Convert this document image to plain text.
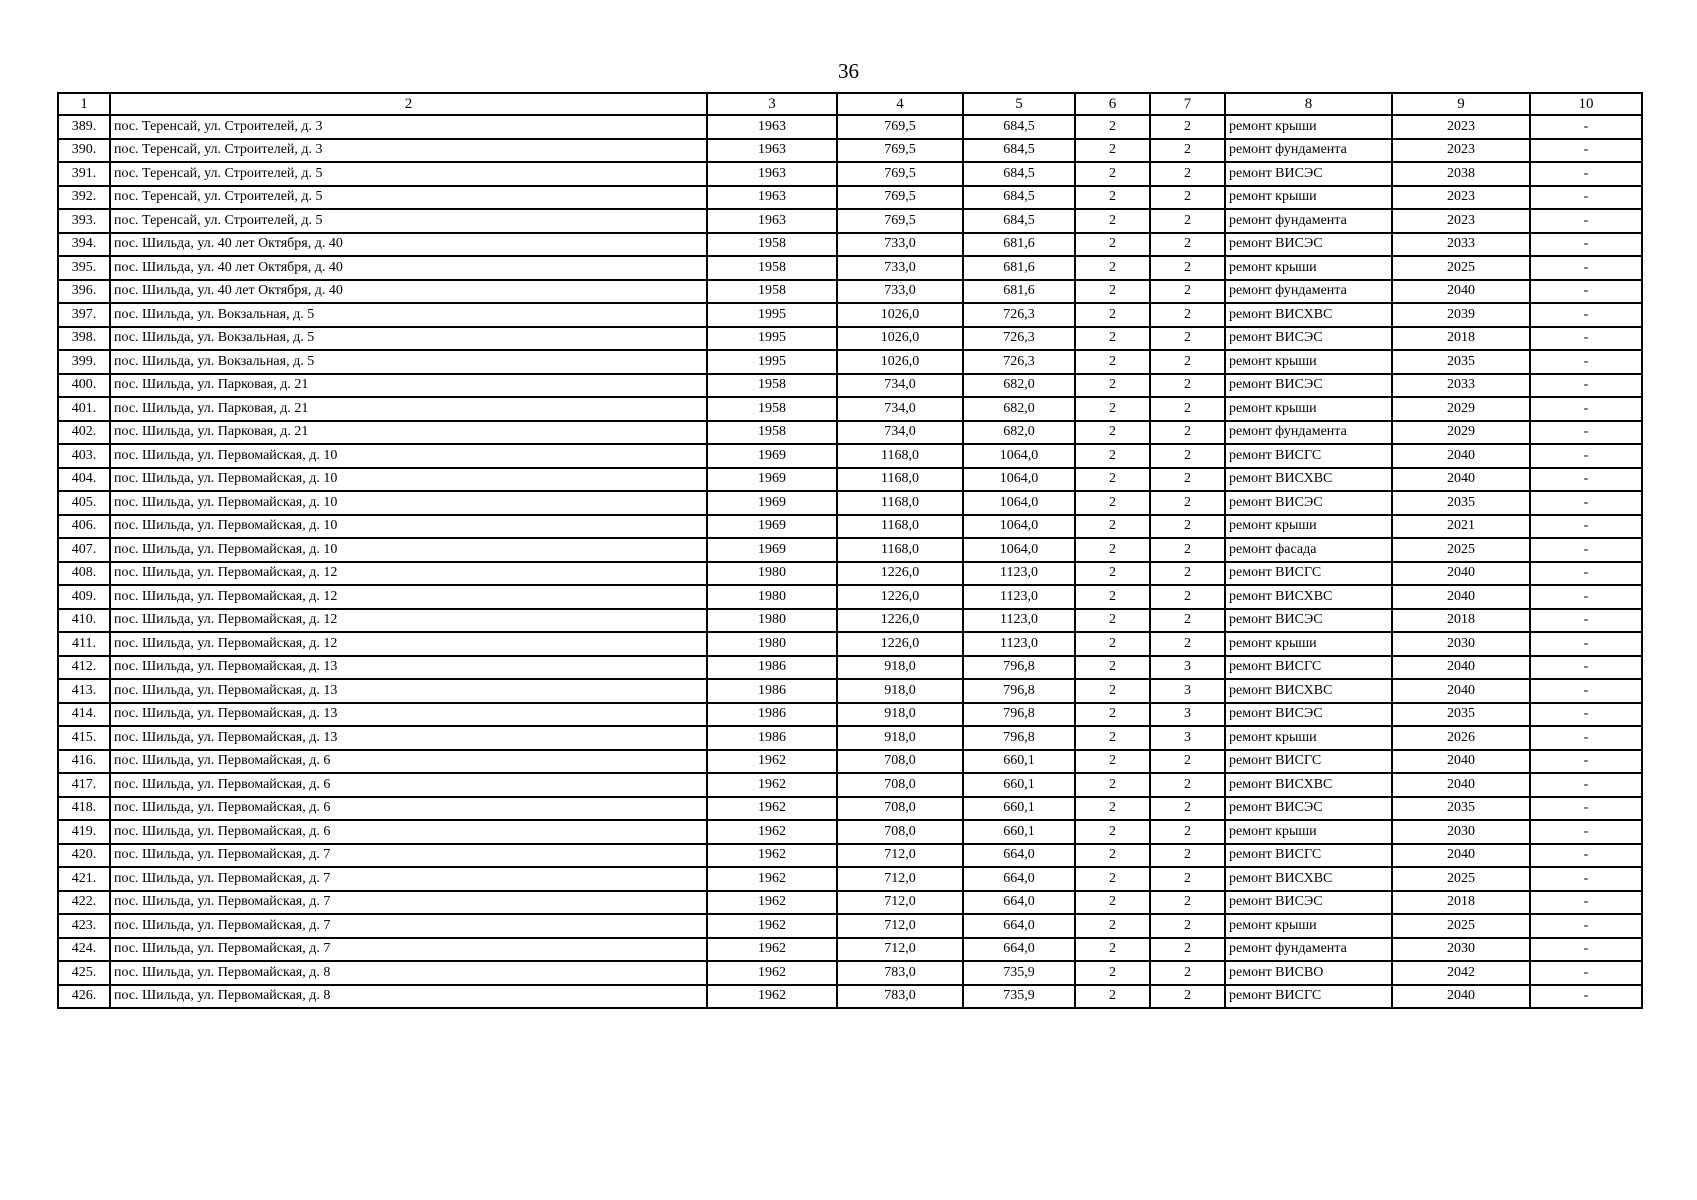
36
1	2	3	4	5	6	7	8	9	10
389.	пос. Теренсай, ул. Строителей, д. 3	1963	769,5	684,5	2	2	ремонт крыши	2023	-
390.	пос. Теренсай, ул. Строителей, д. 3	1963	769,5	684,5	2	2	ремонт фундамента	2023	-
391.	пос. Теренсай, ул. Строителей, д. 5	1963	769,5	684,5	2	2	ремонт ВИСЭС	2038	-
392.	пос. Теренсай, ул. Строителей, д. 5	1963	769,5	684,5	2	2	ремонт крыши	2023	-
393.	пос. Теренсай, ул. Строителей, д. 5	1963	769,5	684,5	2	2	ремонт фундамента	2023	-
394.	пос. Шильда, ул. 40 лет Октября, д. 40	1958	733,0	681,6	2	2	ремонт ВИСЭС	2033	-
395.	пос. Шильда, ул. 40 лет Октября, д. 40	1958	733,0	681,6	2	2	ремонт крыши	2025	-
396.	пос. Шильда, ул. 40 лет Октября, д. 40	1958	733,0	681,6	2	2	ремонт фундамента	2040	-
397.	пос. Шильда, ул. Вокзальная, д. 5	1995	1026,0	726,3	2	2	ремонт ВИСХВС	2039	-
398.	пос. Шильда, ул. Вокзальная, д. 5	1995	1026,0	726,3	2	2	ремонт ВИСЭС	2018	-
399.	пос. Шильда, ул. Вокзальная, д. 5	1995	1026,0	726,3	2	2	ремонт крыши	2035	-
400.	пос. Шильда, ул. Парковая, д. 21	1958	734,0	682,0	2	2	ремонт ВИСЭС	2033	-
401.	пос. Шильда, ул. Парковая, д. 21	1958	734,0	682,0	2	2	ремонт крыши	2029	-
402.	пос. Шильда, ул. Парковая, д. 21	1958	734,0	682,0	2	2	ремонт фундамента	2029	-
403.	пос. Шильда, ул. Первомайская, д. 10	1969	1168,0	1064,0	2	2	ремонт ВИСГС	2040	-
404.	пос. Шильда, ул. Первомайская, д. 10	1969	1168,0	1064,0	2	2	ремонт ВИСХВС	2040	-
405.	пос. Шильда, ул. Первомайская, д. 10	1969	1168,0	1064,0	2	2	ремонт ВИСЭС	2035	-
406.	пос. Шильда, ул. Первомайская, д. 10	1969	1168,0	1064,0	2	2	ремонт крыши	2021	-
407.	пос. Шильда, ул. Первомайская, д. 10	1969	1168,0	1064,0	2	2	ремонт фасада	2025	-
408.	пос. Шильда, ул. Первомайская, д. 12	1980	1226,0	1123,0	2	2	ремонт ВИСГС	2040	-
409.	пос. Шильда, ул. Первомайская, д. 12	1980	1226,0	1123,0	2	2	ремонт ВИСХВС	2040	-
410.	пос. Шильда, ул. Первомайская, д. 12	1980	1226,0	1123,0	2	2	ремонт ВИСЭС	2018	-
411.	пос. Шильда, ул. Первомайская, д. 12	1980	1226,0	1123,0	2	2	ремонт крыши	2030	-
412.	пос. Шильда, ул. Первомайская, д. 13	1986	918,0	796,8	2	3	ремонт ВИСГС	2040	-
413.	пос. Шильда, ул. Первомайская, д. 13	1986	918,0	796,8	2	3	ремонт ВИСХВС	2040	-
414.	пос. Шильда, ул. Первомайская, д. 13	1986	918,0	796,8	2	3	ремонт ВИСЭС	2035	-
415.	пос. Шильда, ул. Первомайская, д. 13	1986	918,0	796,8	2	3	ремонт крыши	2026	-
416.	пос. Шильда, ул. Первомайская, д. 6	1962	708,0	660,1	2	2	ремонт ВИСГС	2040	-
417.	пос. Шильда, ул. Первомайская, д. 6	1962	708,0	660,1	2	2	ремонт ВИСХВС	2040	-
418.	пос. Шильда, ул. Первомайская, д. 6	1962	708,0	660,1	2	2	ремонт ВИСЭС	2035	-
419.	пос. Шильда, ул. Первомайская, д. 6	1962	708,0	660,1	2	2	ремонт крыши	2030	-
420.	пос. Шильда, ул. Первомайская, д. 7	1962	712,0	664,0	2	2	ремонт ВИСГС	2040	-
421.	пос. Шильда, ул. Первомайская, д. 7	1962	712,0	664,0	2	2	ремонт ВИСХВС	2025	-
422.	пос. Шильда, ул. Первомайская, д. 7	1962	712,0	664,0	2	2	ремонт ВИСЭС	2018	-
423.	пос. Шильда, ул. Первомайская, д. 7	1962	712,0	664,0	2	2	ремонт крыши	2025	-
424.	пос. Шильда, ул. Первомайская, д. 7	1962	712,0	664,0	2	2	ремонт фундамента	2030	-
425.	пос. Шильда, ул. Первомайская, д. 8	1962	783,0	735,9	2	2	ремонт ВИСВО	2042	-
426.	пос. Шильда, ул. Первомайская, д. 8	1962	783,0	735,9	2	2	ремонт ВИСГС	2040	-
